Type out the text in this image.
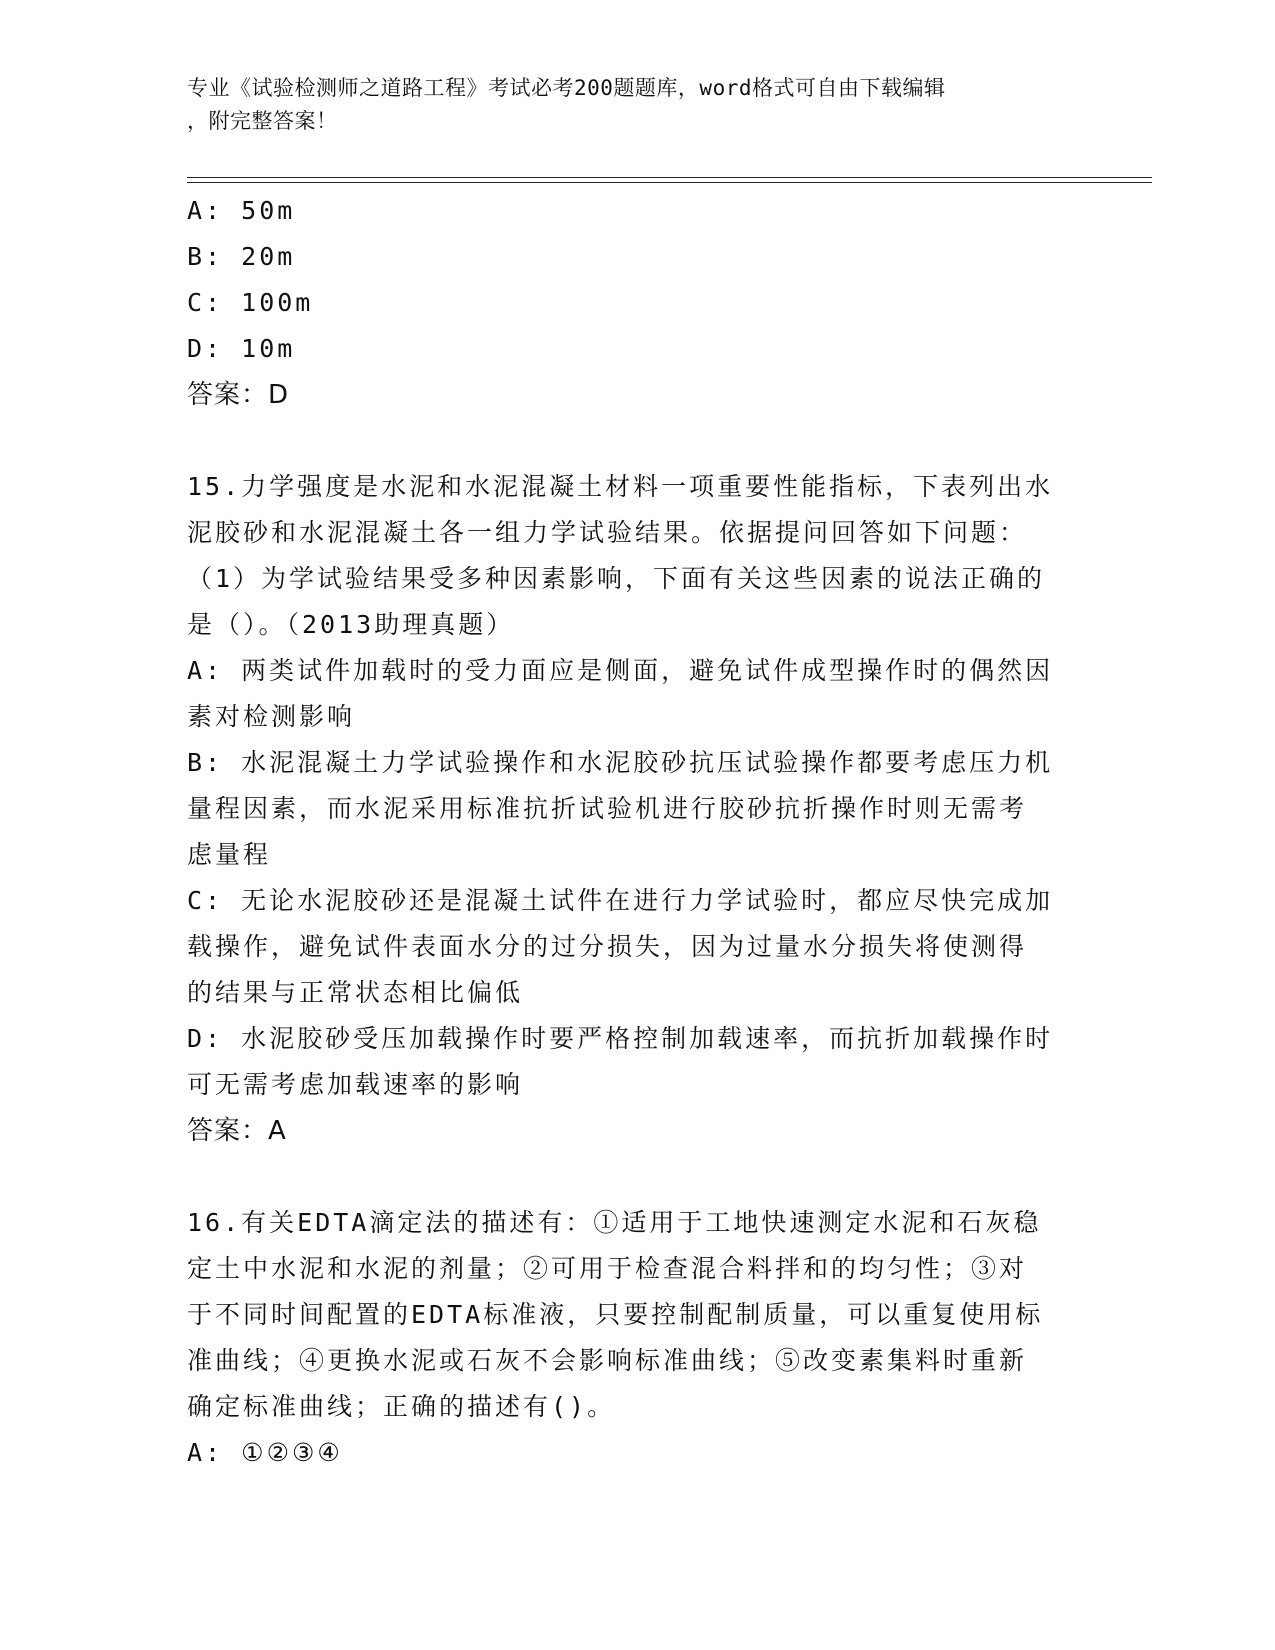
专业《试验检测师之道路工程》考试必考200题题库，word格式可自由下载编辑
，附完整答案！
A: 50m
B: 20m
C: 100m
D: 10m
答案：D
15.力学强度是水泥和水泥混凝土材料一项重要性能指标，下表列出水
泥胶砂和水泥混凝土各一组力学试验结果。依据提问回答如下问题：
（1）为学试验结果受多种因素影响，下面有关这些因素的说法正确的
是（）。（2013助理真题）
A: 两类试件加载时的受力面应是侧面，避免试件成型操作时的偶然因
素对检测影响
B: 水泥混凝土力学试验操作和水泥胶砂抗压试验操作都要考虑压力机
量程因素，而水泥采用标准抗折试验机进行胶砂抗折操作时则无需考
虑量程
C: 无论水泥胶砂还是混凝土试件在进行力学试验时，都应尽快完成加
载操作，避免试件表面水分的过分损失，因为过量水分损失将使测得
的结果与正常状态相比偏低
D: 水泥胶砂受压加载操作时要严格控制加载速率，而抗折加载操作时
可无需考虑加载速率的影响
答案：A
16.有关EDTA滴定法的描述有：①适用于工地快速测定水泥和石灰稳
定土中水泥和水泥的剂量；②可用于检查混合料拌和的均匀性；③对
于不同时间配置的EDTA标准液，只要控制配制质量，可以重复使用标
准曲线；④更换水泥或石灰不会影响标准曲线；⑤改变素集料时重新
确定标准曲线；正确的描述有()。
A: ①②③④
